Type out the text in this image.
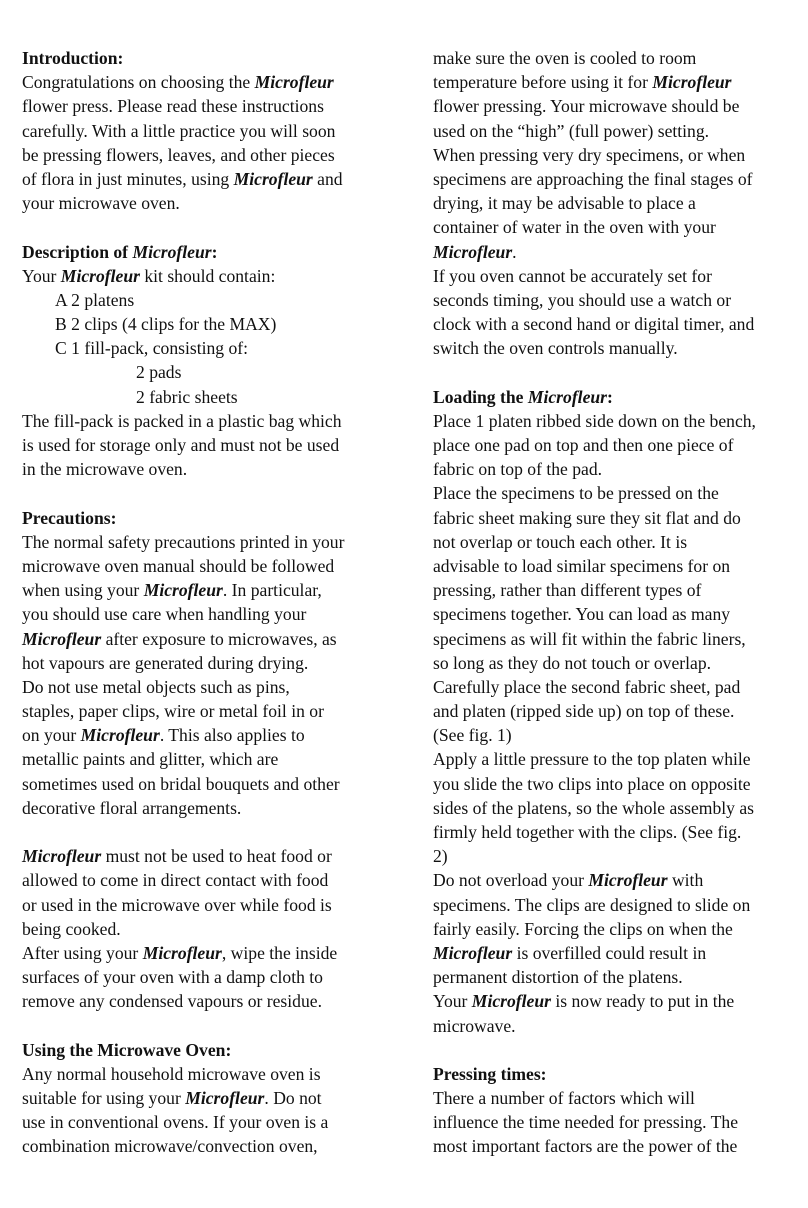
Introduction:
Congratulations on choosing the Microfleur
flower press. Please read these instructions
carefully. With a little practice you will soon
be pressing flowers, leaves, and other pieces
of flora in just minutes, using Microfleur and
your microwave oven.
Description of Microfleur:
Your Microfleur kit should contain:
A 2 platens
B 2 clips (4 clips for the MAX)
C 1 fill-pack, consisting of:
2 pads
2 fabric sheets
The fill-pack is packed in a plastic bag which
is used for storage only and must not be used
in the microwave oven.
Precautions:
The normal safety precautions printed in your
microwave oven manual should be followed
when using your Microfleur. In particular,
you should use care when handling your
Microfleur after exposure to microwaves, as
hot vapours are generated during drying.
Do not use metal objects such as pins,
staples, paper clips, wire or metal foil in or
on your Microfleur. This also applies to
metallic paints and glitter, which are
sometimes used on bridal bouquets and other
decorative floral arrangements.
Microfleur must not be used to heat food or
allowed to come in direct contact with food
or used in the microwave over while food is
being cooked.
After using your Microfleur, wipe the inside
surfaces of your oven with a damp cloth to
remove any condensed vapours or residue.
Using the Microwave Oven:
Any normal household microwave oven is
suitable for using your Microfleur. Do not
use in conventional ovens. If your oven is a
combination microwave/convection oven,
make sure the oven is cooled to room
temperature before using it for Microfleur
flower pressing. Your microwave should be
used on the “high” (full power) setting.
When pressing very dry specimens, or when
specimens are approaching the final stages of
drying, it may be advisable to place a
container of water in the oven with your
Microfleur.
If you oven cannot be accurately set for
seconds timing, you should use a watch or
clock with a second hand or digital timer, and
switch the oven controls manually.
Loading the Microfleur:
Place 1 platen ribbed side down on the bench,
place one pad on top and then one piece of
fabric on top of the pad.
Place the specimens to be pressed on the
fabric sheet making sure they sit flat and do
not overlap or touch each other. It is
advisable to load similar specimens for on
pressing, rather than different types of
specimens together. You can load as many
specimens as will fit within the fabric liners,
so long as they do not touch or overlap.
Carefully place the second fabric sheet, pad
and platen (ripped side up) on top of these.
(See fig. 1)
Apply a little pressure to the top platen while
you slide the two clips into place on opposite
sides of the platens, so the whole assembly as
firmly held together with the clips. (See fig.
2)
Do not overload your Microfleur with
specimens. The clips are designed to slide on
fairly easily. Forcing the clips on when the
Microfleur is overfilled could result in
permanent distortion of the platens.
Your Microfleur is now ready to put in the
microwave.
Pressing times:
There a number of factors which will
influence the time needed for pressing. The
most important factors are the power of the
